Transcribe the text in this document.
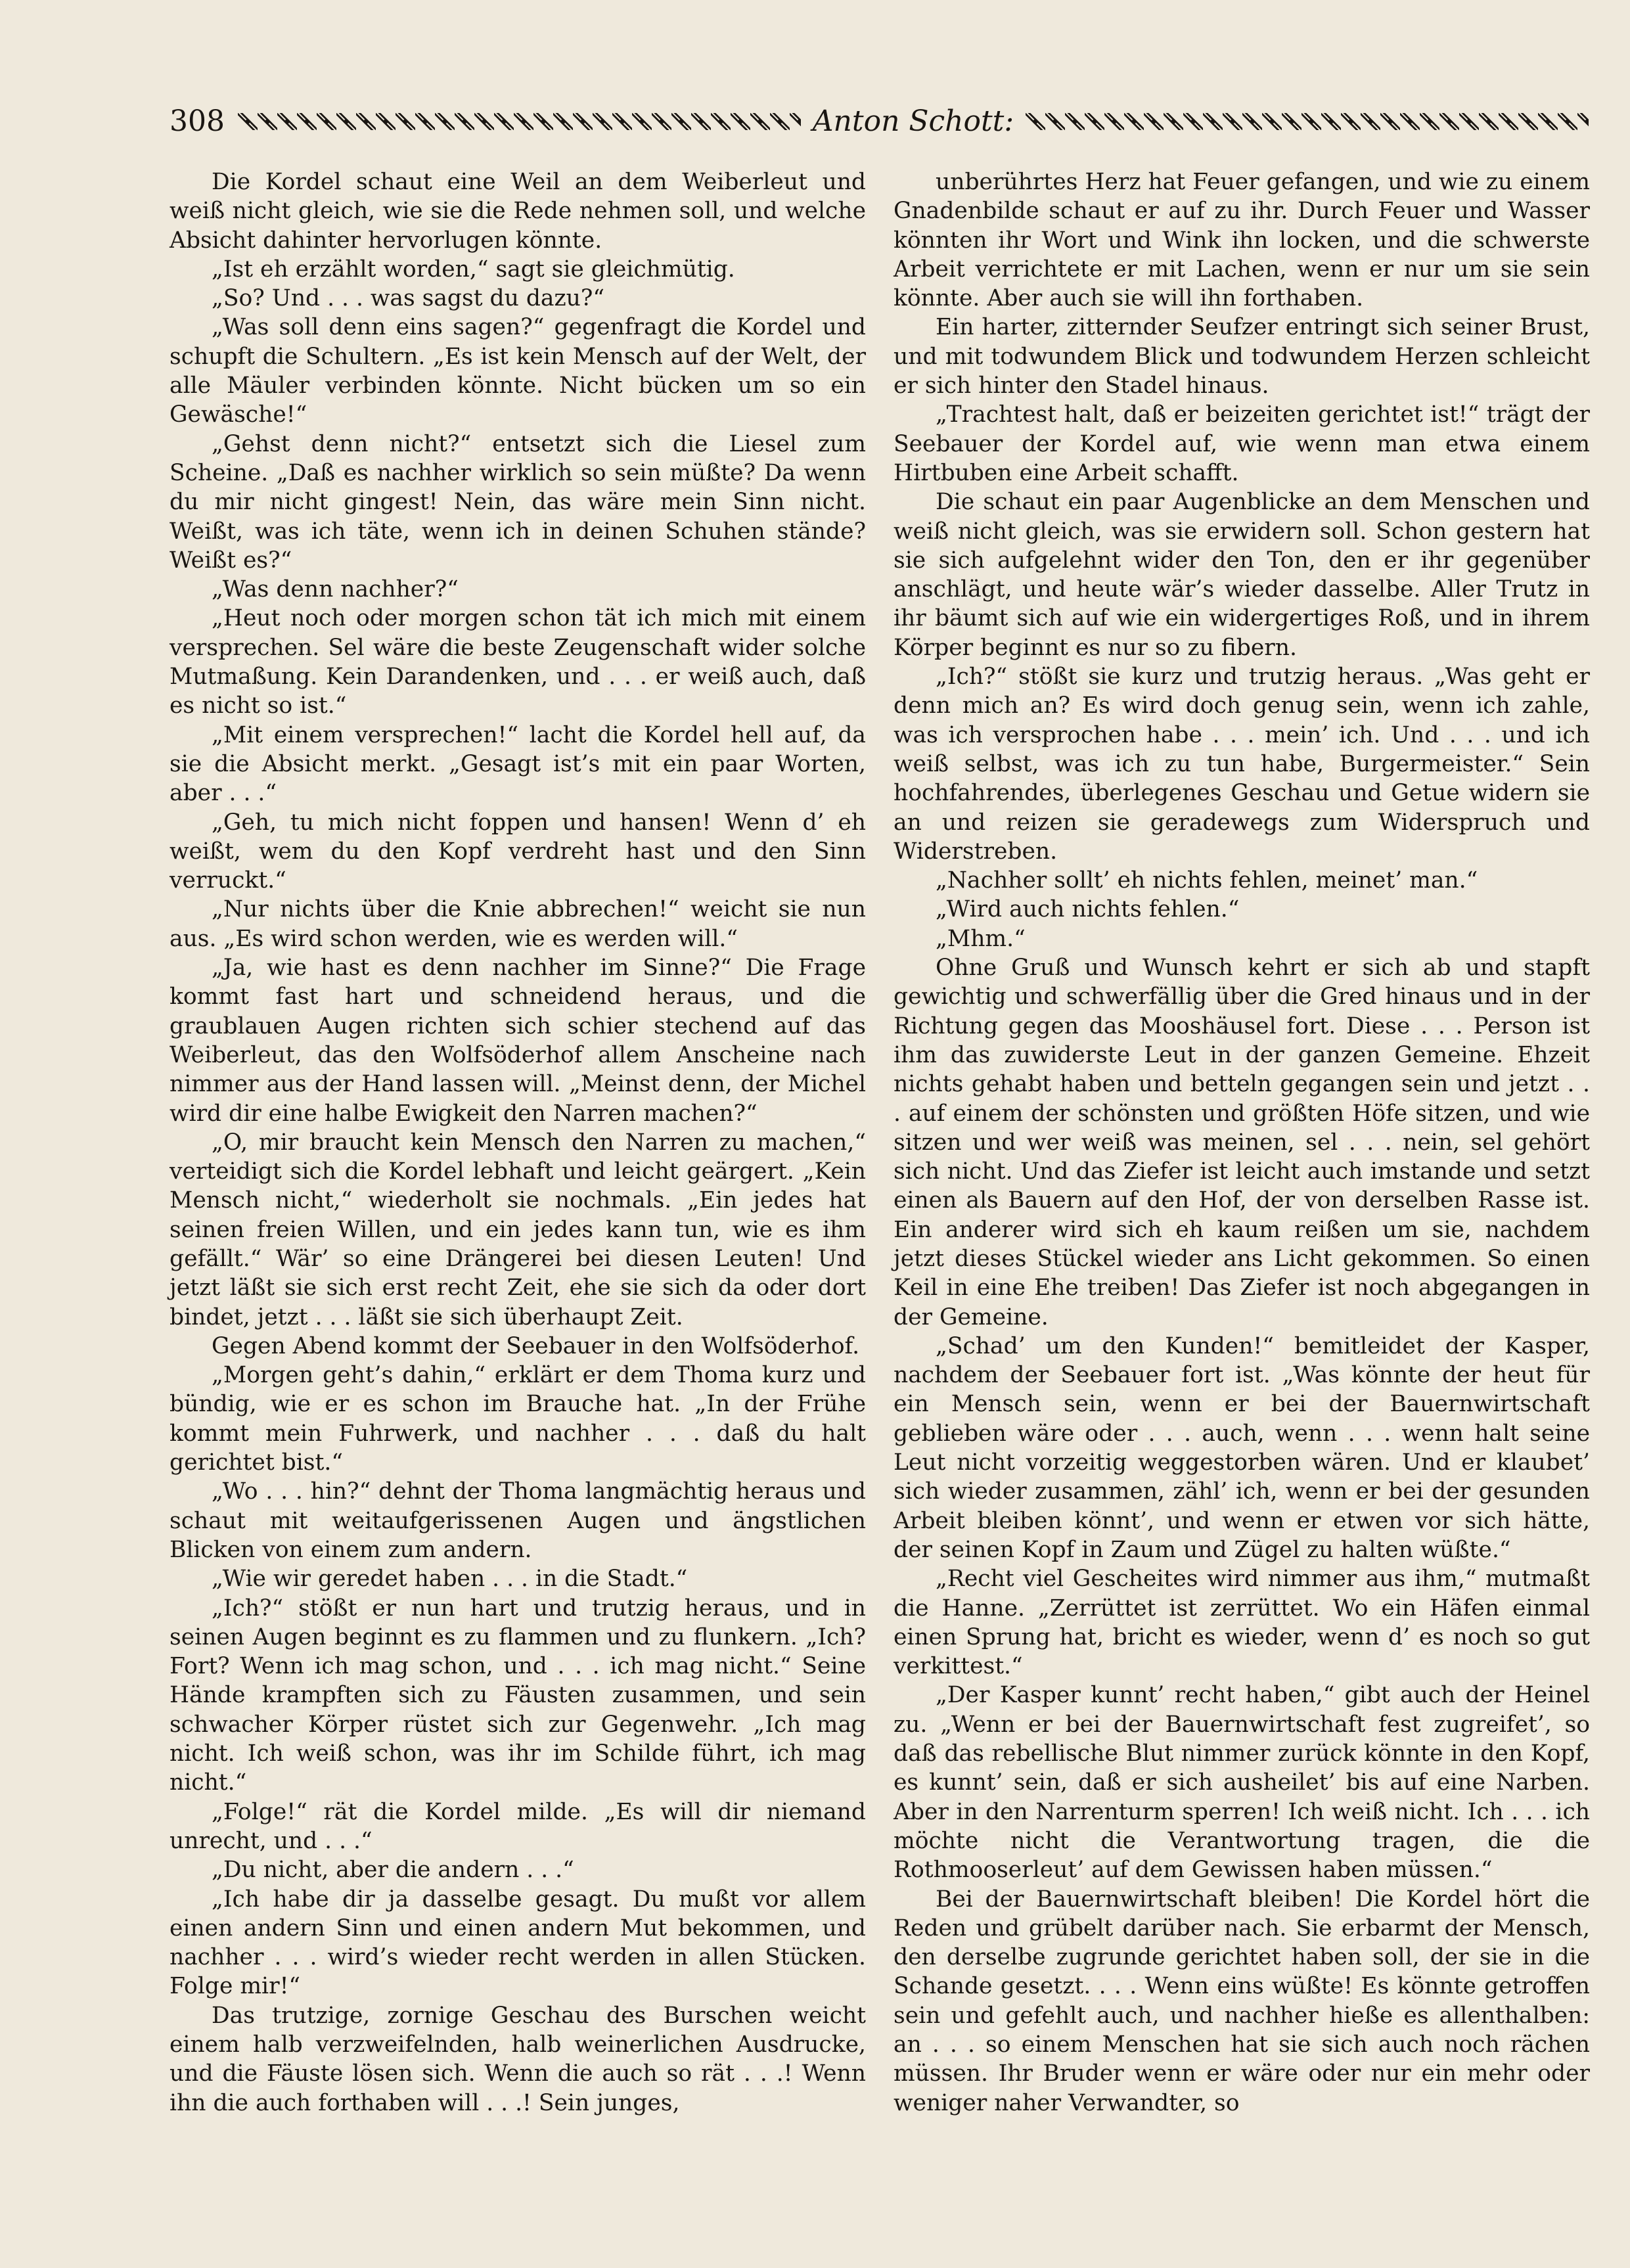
308	Anton Schott:

Die Kordel schaut eine Weil an dem Weiberleut und weiß nicht gleich, wie sie die Rede nehmen soll, und welche Absicht dahinter hervorlugen könnte.

„Ist eh erzählt worden,“ sagt sie gleichmütig.

„So? Und . . . was sagst du dazu?“

„Was soll denn eins sagen?“ gegenfragt die Kordel und schupft die Schultern. „Es ist kein Mensch auf der Welt, der alle Mäuler verbinden könnte. Nicht bücken um so ein Gewäsche!“

„Gehst denn nicht?“ entsetzt sich die Liesel zum Scheine. „Daß es nachher wirklich so sein müßte? Da wenn du mir nicht gingest! Nein, das wäre mein Sinn nicht. Weißt, was ich täte, wenn ich in deinen Schuhen stände? Weißt es?“

„Was denn nachher?“

„Heut noch oder morgen schon tät ich mich mit einem versprechen. Sel wäre die beste Zeugenschaft wider solche Mutmaßung. Kein Darandenken, und . . . er weiß auch, daß es nicht so ist.“

„Mit einem versprechen!“ lacht die Kordel hell auf, da sie die Absicht merkt. „Gesagt ist’s mit ein paar Worten, aber . . .“

„Geh, tu mich nicht foppen und hansen! Wenn d’ eh weißt, wem du den Kopf verdreht hast und den Sinn verruckt.“

„Nur nichts über die Knie abbrechen!“ weicht sie nun aus. „Es wird schon werden, wie es werden will.“

„Ja, wie hast es denn nachher im Sinne?“ Die Frage kommt fast hart und schneidend heraus, und die graublauen Augen richten sich schier stechend auf das Weiberleut, das den Wolfsöderhof allem Anscheine nach nimmer aus der Hand lassen will. „Meinst denn, der Michel wird dir eine halbe Ewigkeit den Narren machen?“

„O, mir braucht kein Mensch den Narren zu machen,“ verteidigt sich die Kordel lebhaft und leicht geärgert. „Kein Mensch nicht,“ wiederholt sie nochmals. „Ein jedes hat seinen freien Willen, und ein jedes kann tun, wie es ihm gefällt.“ Wär’ so eine Drängerei bei diesen Leuten! Und jetzt läßt sie sich erst recht Zeit, ehe sie sich da oder dort bindet, jetzt . . . läßt sie sich überhaupt Zeit.

Gegen Abend kommt der Seebauer in den Wolfsöderhof.

„Morgen geht’s dahin,“ erklärt er dem Thoma kurz und bündig, wie er es schon im Brauche hat. „In der Frühe kommt mein Fuhrwerk, und nachher . . . daß du halt gerichtet bist.“

„Wo . . . hin?“ dehnt der Thoma langmächtig heraus und schaut mit weitaufgerissenen Augen und ängstlichen Blicken von einem zum andern.

„Wie wir geredet haben . . . in die Stadt.“

„Ich?“ stößt er nun hart und trutzig heraus, und in seinen Augen beginnt es zu flammen und zu flunkern. „Ich? Fort? Wenn ich mag schon, und . . . ich mag nicht.“ Seine Hände krampften sich zu Fäusten zusammen, und sein schwacher Körper rüstet sich zur Gegenwehr. „Ich mag nicht. Ich weiß schon, was ihr im Schilde führt, ich mag nicht.“

„Folge!“ rät die Kordel milde. „Es will dir niemand unrecht, und . . .“

„Du nicht, aber die andern . . .“

„Ich habe dir ja dasselbe gesagt. Du mußt vor allem einen andern Sinn und einen andern Mut bekommen, und nachher . . . wird’s wieder recht werden in allen Stücken. Folge mir!“

Das trutzige, zornige Geschau des Burschen weicht einem halb verzweifelnden, halb weinerlichen Ausdrucke, und die Fäuste lösen sich. Wenn die auch so rät . . .! Wenn ihn die auch forthaben will . . .! Sein junges,

unberührtes Herz hat Feuer gefangen, und wie zu einem Gnadenbilde schaut er auf zu ihr. Durch Feuer und Wasser könnten ihr Wort und Wink ihn locken, und die schwerste Arbeit verrichtete er mit Lachen, wenn er nur um sie sein könnte. Aber auch sie will ihn forthaben.

Ein harter, zitternder Seufzer entringt sich seiner Brust, und mit todwundem Blick und todwundem Herzen schleicht er sich hinter den Stadel hinaus.

„Trachtest halt, daß er beizeiten gerichtet ist!“ trägt der Seebauer der Kordel auf, wie wenn man etwa einem Hirtbuben eine Arbeit schafft.

Die schaut ein paar Augenblicke an dem Menschen und weiß nicht gleich, was sie erwidern soll. Schon gestern hat sie sich aufgelehnt wider den Ton, den er ihr gegenüber anschlägt, und heute wär’s wieder dasselbe. Aller Trutz in ihr bäumt sich auf wie ein widergertiges Roß, und in ihrem Körper beginnt es nur so zu fibern.

„Ich?“ stößt sie kurz und trutzig heraus. „Was geht er denn mich an? Es wird doch genug sein, wenn ich zahle, was ich versprochen habe . . . mein’ ich. Und . . . und ich weiß selbst, was ich zu tun habe, Burgermeister.“ Sein hochfahrendes, überlegenes Geschau und Getue widern sie an und reizen sie geradewegs zum Widerspruch und Widerstreben.

„Nachher sollt’ eh nichts fehlen, meinet’ man.“

„Wird auch nichts fehlen.“

„Mhm.“

Ohne Gruß und Wunsch kehrt er sich ab und stapft gewichtig und schwerfällig über die Gred hinaus und in der Richtung gegen das Mooshäusel fort. Diese . . . Person ist ihm das zuwiderste Leut in der ganzen Gemeine. Ehzeit nichts gehabt haben und betteln gegangen sein und jetzt . . . auf einem der schönsten und größten Höfe sitzen, und wie sitzen und wer weiß was meinen, sel . . . nein, sel gehört sich nicht. Und das Ziefer ist leicht auch imstande und setzt einen als Bauern auf den Hof, der von derselben Rasse ist. Ein anderer wird sich eh kaum reißen um sie, nachdem jetzt dieses Stückel wieder ans Licht gekommen. So einen Keil in eine Ehe treiben! Das Ziefer ist noch abgegangen in der Gemeine.

„Schad’ um den Kunden!“ bemitleidet der Kasper, nachdem der Seebauer fort ist. „Was könnte der heut für ein Mensch sein, wenn er bei der Bauernwirtschaft geblieben wäre oder . . . auch, wenn . . . wenn halt seine Leut nicht vorzeitig weggestorben wären. Und er klaubet’ sich wieder zusammen, zähl’ ich, wenn er bei der gesunden Arbeit bleiben könnt’, und wenn er etwen vor sich hätte, der seinen Kopf in Zaum und Zügel zu halten wüßte.“

„Recht viel Gescheites wird nimmer aus ihm,“ mutmaßt die Hanne. „Zerrüttet ist zerrüttet. Wo ein Häfen einmal einen Sprung hat, bricht es wieder, wenn d’ es noch so gut verkittest.“

„Der Kasper kunnt’ recht haben,“ gibt auch der Heinel zu. „Wenn er bei der Bauernwirtschaft fest zugreifet’, so daß das rebellische Blut nimmer zurück könnte in den Kopf, es kunnt’ sein, daß er sich ausheilet’ bis auf eine Narben. Aber in den Narrenturm sperren! Ich weiß nicht. Ich . . . ich möchte nicht die Verantwortung tragen, die die Rothmooserleut’ auf dem Gewissen haben müssen.“

Bei der Bauernwirtschaft bleiben! Die Kordel hört die Reden und grübelt darüber nach. Sie erbarmt der Mensch, den derselbe zugrunde gerichtet haben soll, der sie in die Schande gesetzt. . . . Wenn eins wüßte! Es könnte getroffen sein und gefehlt auch, und nachher hieße es allenthalben: an . . . so einem Menschen hat sie sich auch noch rächen müssen. Ihr Bruder wenn er wäre oder nur ein mehr oder weniger naher Verwandter, so
